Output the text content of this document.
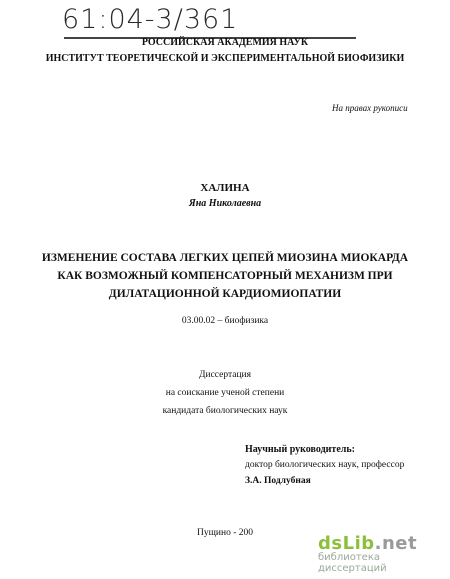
61:04-3/361
РОССИЙСКАЯ АКАДЕМИЯ НАУК
ИНСТИТУТ ТЕОРЕТИЧЕСКОЙ И ЭКСПЕРИМЕНТАЛЬНОЙ БИОФИЗИКИ
На правах рукописи
ХАЛИНА
Яна Николаевна
ИЗМЕНЕНИЕ СОСТАВА ЛЕГКИХ ЦЕПЕЙ МИОЗИНА МИОКАРДА
КАК ВОЗМОЖНЫЙ КОМПЕНСАТОРНЫЙ МЕХАНИЗМ ПРИ
ДИЛАТАЦИОННОЙ КАРДИОМИОПАТИИ
03.00.02 – биофизика
Диссертация
на соискание ученой степени
кандидата биологических наук
Научный руководитель:
доктор биологических наук, профессор
З.А. Подлубная
Пущино - 200	dsLib.net
библиотека диссертаций
